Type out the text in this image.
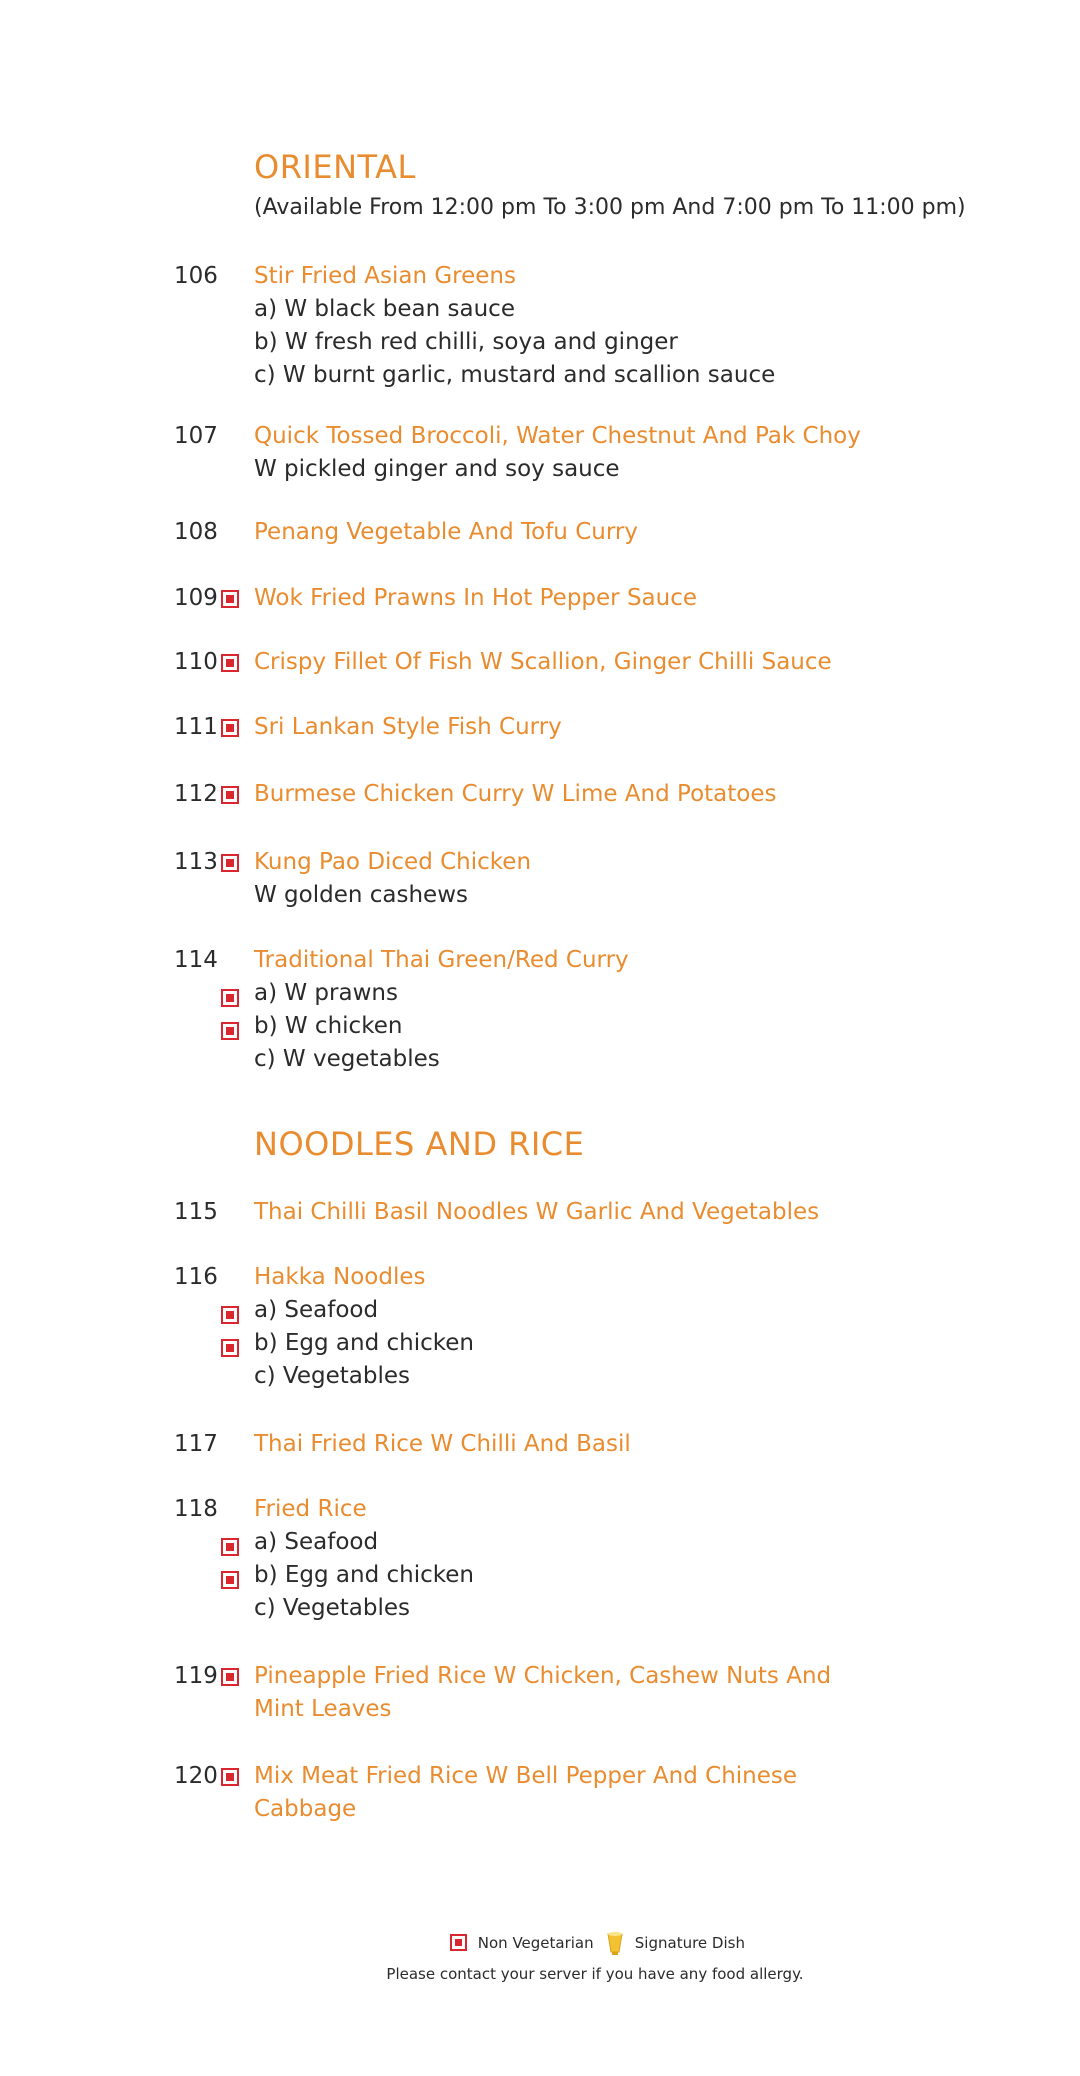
ORIENTAL
(Available From 12:00 pm To 3:00 pm And 7:00 pm To 11:00 pm)
106 Stir Fried Asian Greens
a) W black bean sauce
b) W fresh red chilli, soya and ginger
c) W burnt garlic, mustard and scallion sauce
107 Quick Tossed Broccoli, Water Chestnut And Pak Choy
W pickled ginger and soy sauce
108 Penang Vegetable And Tofu Curry
109 Wok Fried Prawns In Hot Pepper Sauce
110 Crispy Fillet Of Fish W Scallion, Ginger Chilli Sauce
111 Sri Lankan Style Fish Curry
112 Burmese Chicken Curry W Lime And Potatoes
113 Kung Pao Diced Chicken
W golden cashews
114 Traditional Thai Green/Red Curry
a) W prawns
b) W chicken
c) W vegetables
NOODLES AND RICE
115 Thai Chilli Basil Noodles W Garlic And Vegetables
116 Hakka Noodles
a) Seafood
b) Egg and chicken
c) Vegetables
117 Thai Fried Rice W Chilli And Basil
118 Fried Rice
a) Seafood
b) Egg and chicken
c) Vegetables
119 Pineapple Fried Rice W Chicken, Cashew Nuts And Mint Leaves
120 Mix Meat Fried Rice W Bell Pepper And Chinese Cabbage
Non Vegetarian	Signature Dish
Please contact your server if you have any food allergy.
